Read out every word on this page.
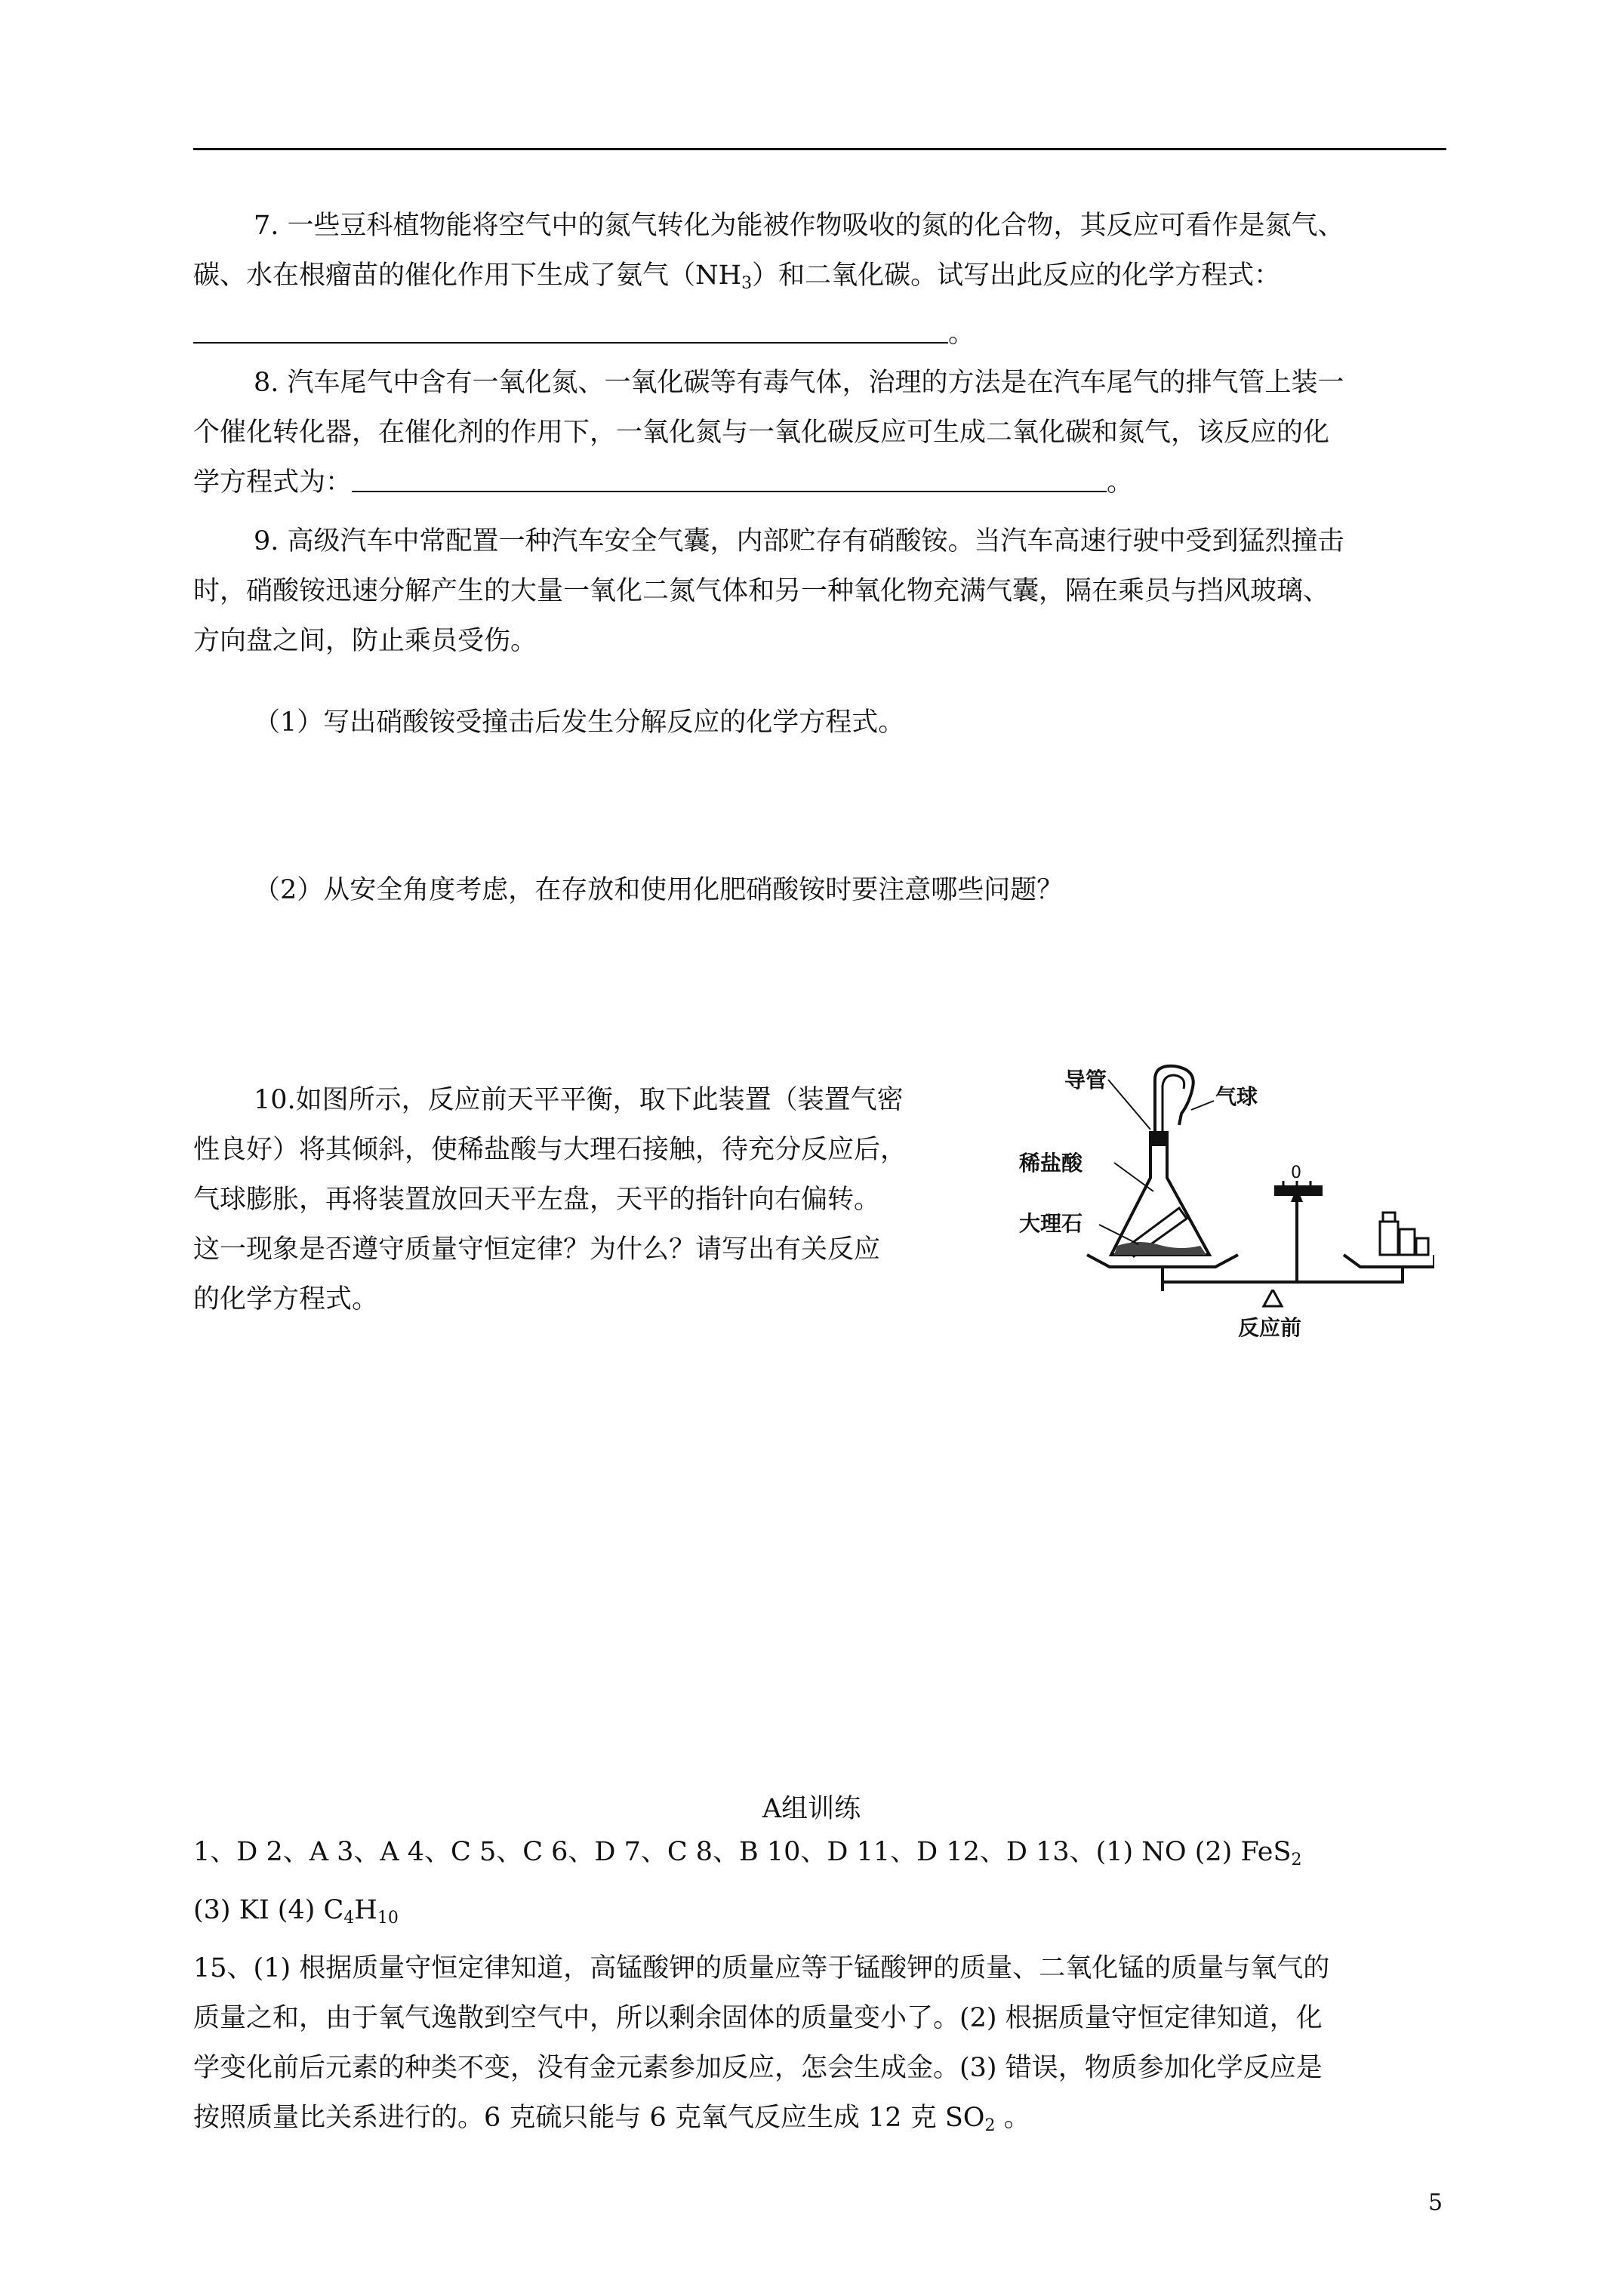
7. 一些豆科植物能将空气中的氮气转化为能被作物吸收的氮的化合物，其反应可看作是氮气、
碳、水在根瘤苗的催化作用下生成了氨气$(NH_3)$和二氧化碳。试写出此反应的化学方程式：
。
8. 汽车尾气中含有一氧化氮、一氧化碳等有毒气体，治理的方法是在汽车尾气的排气管上装一
个催化转化器，在催化剂的作用下，一氧化氮与一氧化碳反应可生成二氧化碳和氮气，该反应的化
学方程式为：	。
9. 高级汽车中常配置一种汽车安全气囊，内部贮存有硝酸铵。当汽车高速行驶中受到猛烈撞击
时，硝酸铵迅速分解产生的大量一氧化二氮气体和另一种氧化物充满气囊，隔在乘员与挡风玻璃、
方向盘之间，防止乘员受伤。
（1）写出硝酸铵受撞击后发生分解反应的化学方程式。
（2）从安全角度考虑，在存放和使用化肥硝酸铵时要注意哪些问题？
10.如图所示，反应前天平平衡，取下此装置（装置气密
性良好）将其倾斜，使稀盐酸与大理石接触，待充分反应后，
气球膨胀，再将装置放回天平左盘，天平的指针向右偏转。
这一现象是否遵守质量守恒定律？为什么？请写出有关反应
的化学方程式。
导管
气球
稀盐酸
大理石
0
反应前
A组训练
1、D 2、A 3、A 4、C 5、C 6、D 7、C 8、B 10、D 11、D 12、D 13、(1) NO (2) FeS$_2$
(3) KI (4) $C_4H_{10}$
15、(1) 根据质量守恒定律知道，高锰酸钾的质量应等于锰酸钾的质量、二氧化锰的质量与氧气的
质量之和，由于氧气逸散到空气中，所以剩余固体的质量变小了。(2) 根据质量守恒定律知道，化
学变化前后元素的种类不变，没有金元素参加反应，怎会生成金。(3) 错误，物质参加化学反应是
按照质量比关系进行的。6 克硫只能与 6 克氧气反应生成 12 克 $SO_2$ 。
5
